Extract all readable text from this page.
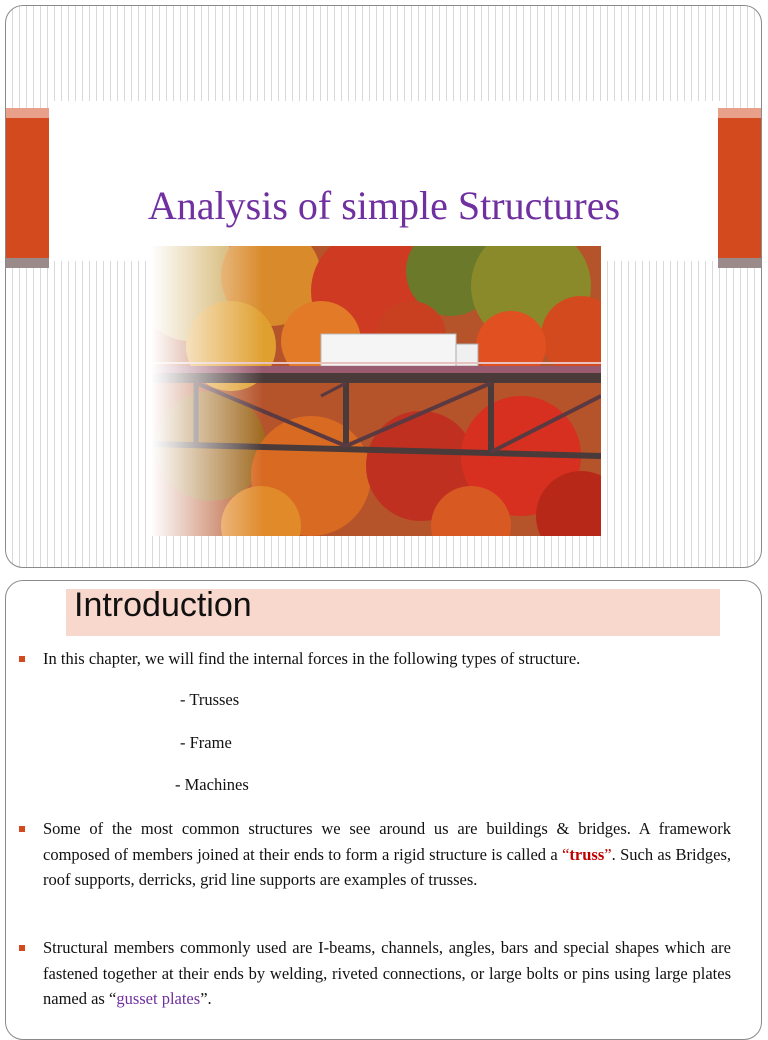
Analysis of simple Structures
Introduction

In this chapter, we will find the internal forces in the following types of structure.

- Trusses

- Frame

- Machines

Some of the most common structures we see around us are buildings & bridges. A framework composed of members joined at their ends to form a rigid structure is called a “truss”. Such as Bridges, roof supports, derricks, grid line supports are examples of trusses.

Structural members commonly used are I-beams, channels, angles, bars and special shapes which are fastened together at their ends by welding, riveted connections, or large bolts or pins using large plates named as “gusset plates”.
